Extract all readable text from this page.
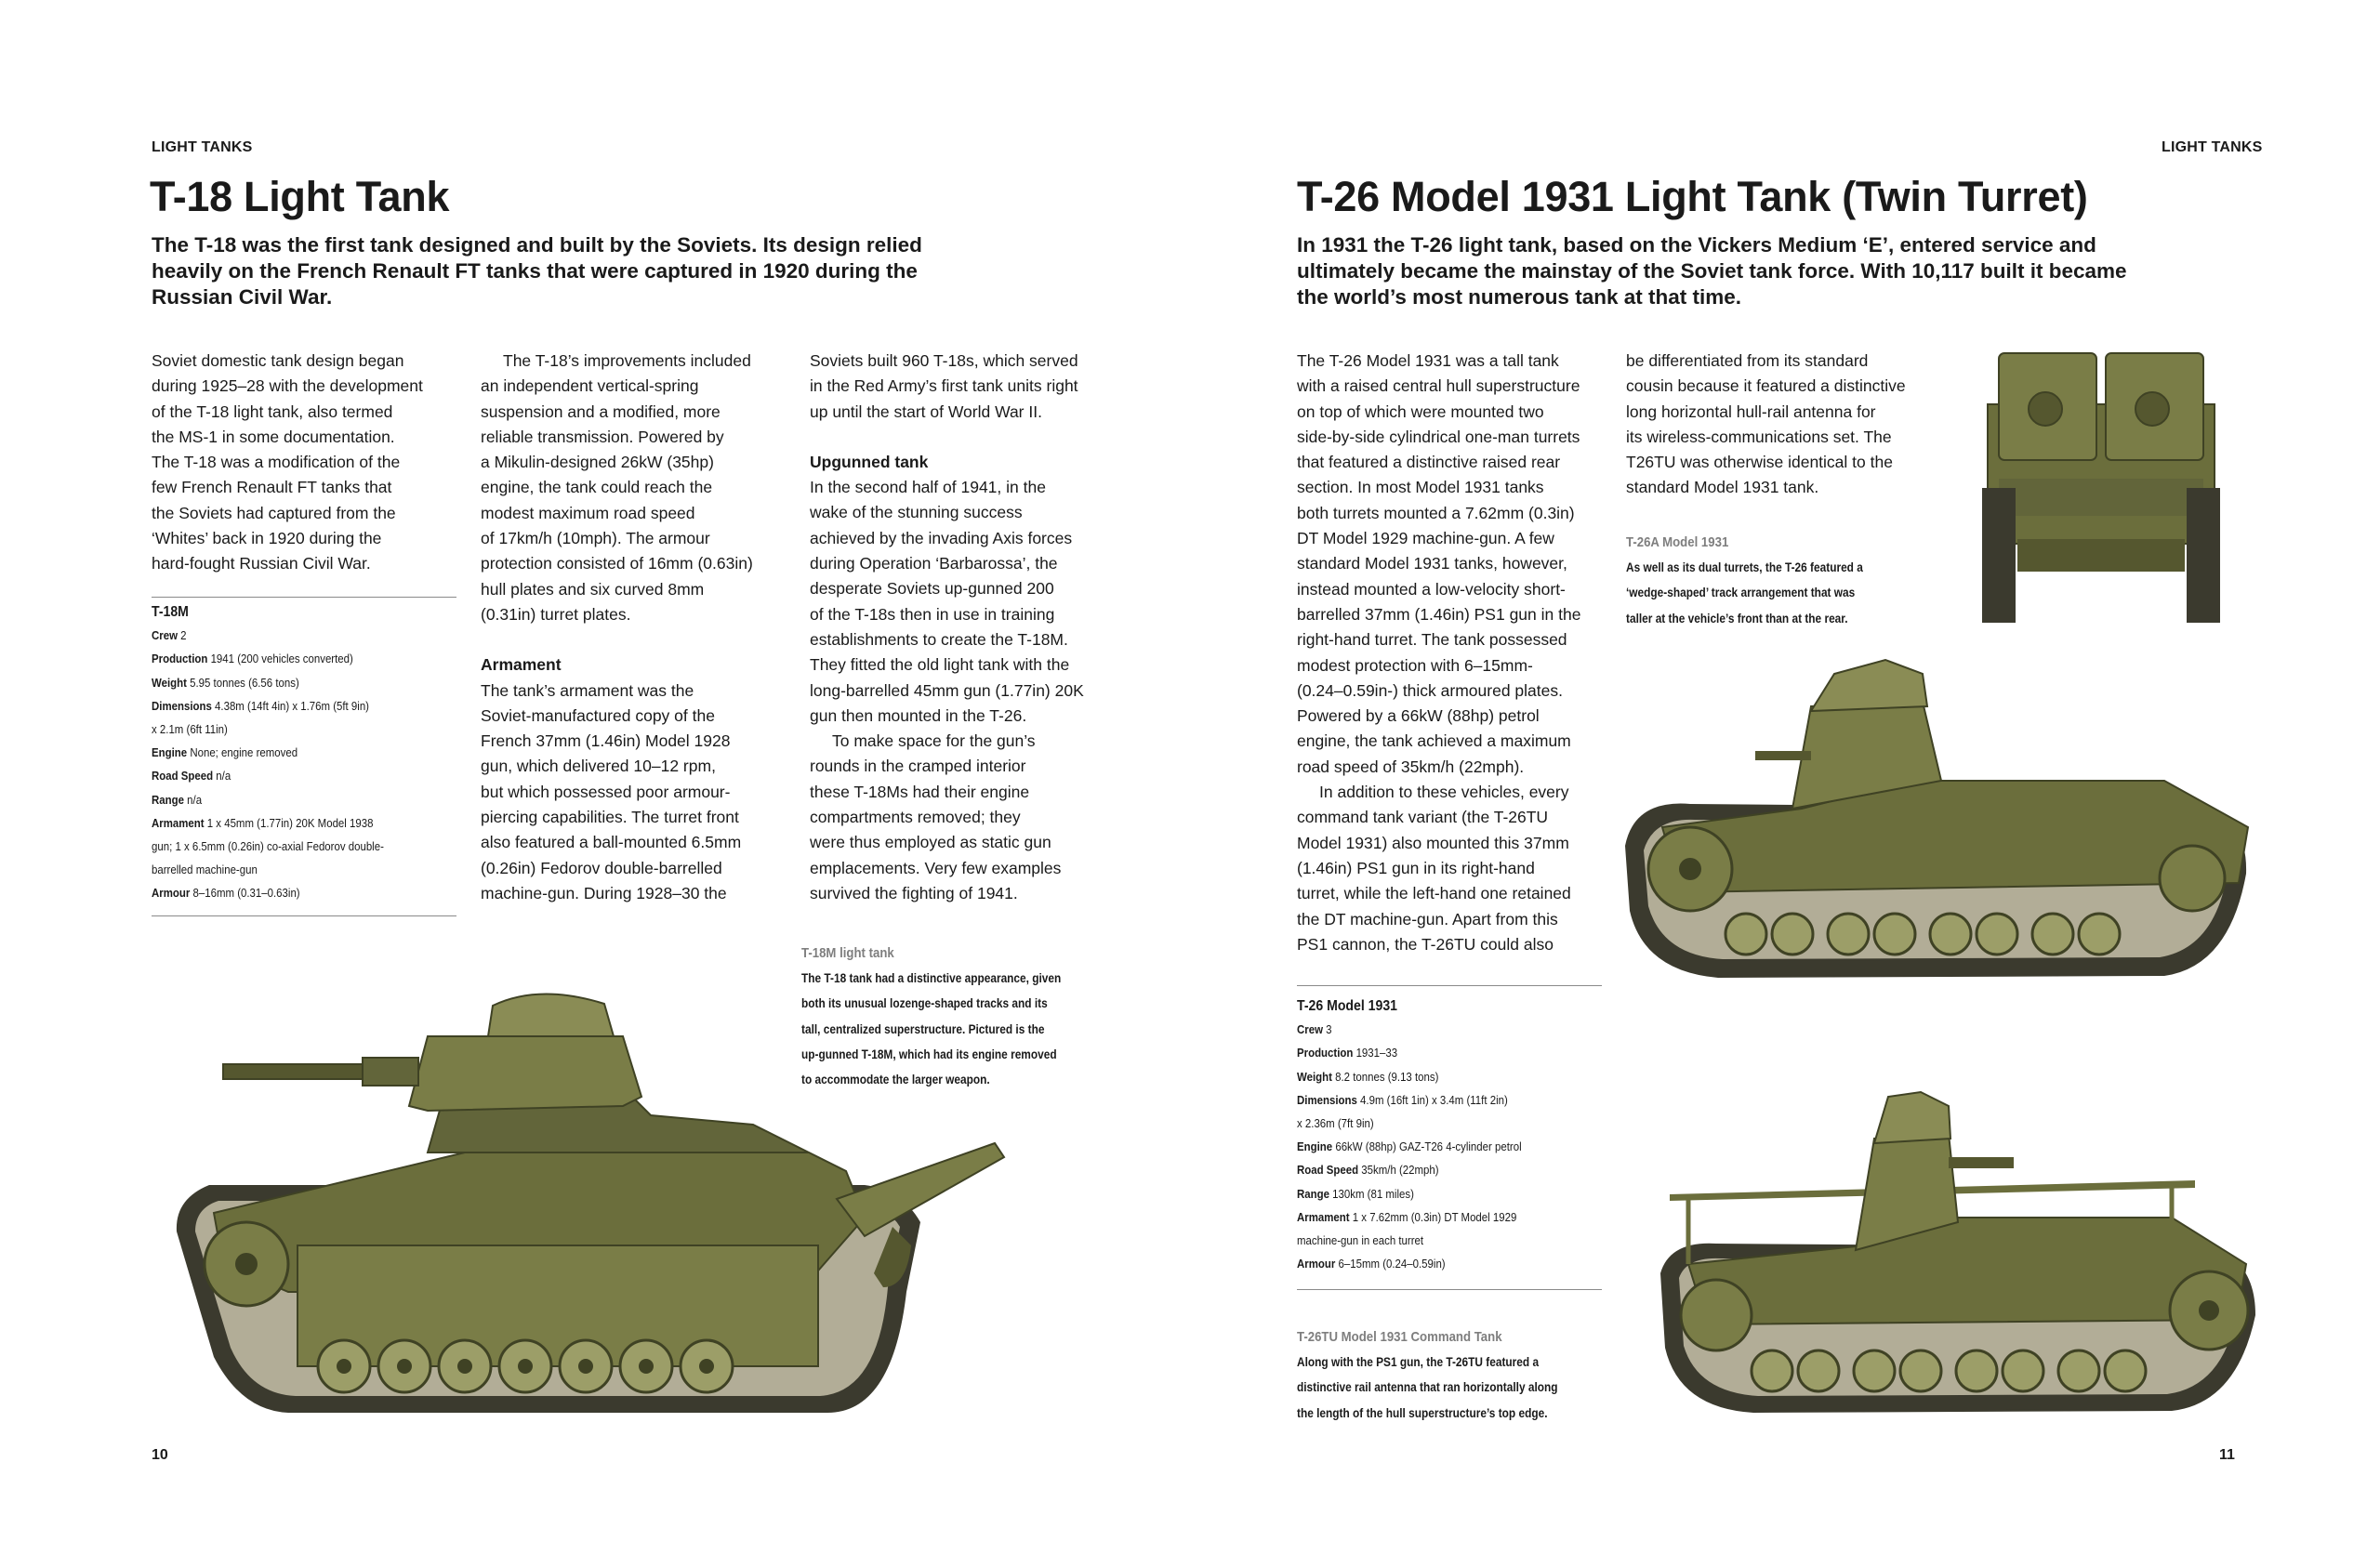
LIGHT TANKS
T-18 Light Tank
The T-18 was the first tank designed and built by the Soviets. Its design relied
heavily on the French Renault FT tanks that were captured in 1920 during the
Russian Civil War.
Soviet domestic tank design began
during 1925–28 with the development
of the T-18 light tank, also termed
the MS-1 in some documentation.
The T-18 was a modification of the
few French Renault FT tanks that
the Soviets had captured from the
‘Whites’ back in 1920 during the
hard-fought Russian Civil War.
T-18M
Crew 2
Production 1941 (200 vehicles converted)
Weight 5.95 tonnes (6.56 tons)
Dimensions 4.38m (14ft 4in) x 1.76m (5ft 9in)
x 2.1m (6ft 11in)
Engine None; engine removed
Road Speed n/a
Range n/a
Armament 1 x 45mm (1.77in) 20K Model 1938
gun; 1 x 6.5mm (0.26in) co-axial Fedorov double-
barrelled machine-gun
Armour 8–16mm (0.31–0.63in)
The T-18’s improvements included
an independent vertical-spring
suspension and a modified, more
reliable transmission. Powered by
a Mikulin-designed 26kW (35hp)
engine, the tank could reach the
modest maximum road speed
of 17km/h (10mph). The armour
protection consisted of 16mm (0.63in)
hull plates and six curved 8mm
(0.31in) turret plates.
Armament
The tank’s armament was the
Soviet-manufactured copy of the
French 37mm (1.46in) Model 1928
gun, which delivered 10–12 rpm,
but which possessed poor armour-
piercing capabilities. The turret front
also featured a ball-mounted 6.5mm
(0.26in) Fedorov double-barrelled
machine-gun. During 1928–30 the
Soviets built 960 T-18s, which served
in the Red Army’s first tank units right
up until the start of World War II.
Upgunned tank
In the second half of 1941, in the
wake of the stunning success
achieved by the invading Axis forces
during Operation ‘Barbarossa’, the
desperate Soviets up-gunned 200
of the T-18s then in use in training
establishments to create the T-18M.
They fitted the old light tank with the
long-barrelled 45mm gun (1.77in) 20K
gun then mounted in the T-26.
To make space for the gun’s
rounds in the cramped interior
these T-18Ms had their engine
compartments removed; they
were thus employed as static gun
emplacements. Very few examples
survived the fighting of 1941.
T-18M light tank
The T-18 tank had a distinctive appearance, given
both its unusual lozenge-shaped tracks and its
tall, centralized superstructure. Pictured is the
up-gunned T-18M, which had its engine removed
to accommodate the larger weapon.
10
LIGHT TANKS
T-26 Model 1931 Light Tank (Twin Turret)
In 1931 the T-26 light tank, based on the Vickers Medium ‘E’, entered service and
ultimately became the mainstay of the Soviet tank force. With 10,117 built it became
the world’s most numerous tank at that time.
The T-26 Model 1931 was a tall tank
with a raised central hull superstructure
on top of which were mounted two
side-by-side cylindrical one-man turrets
that featured a distinctive raised rear
section. In most Model 1931 tanks
both turrets mounted a 7.62mm (0.3in)
DT Model 1929 machine-gun. A few
standard Model 1931 tanks, however,
instead mounted a low-velocity short-
barrelled 37mm (1.46in) PS1 gun in the
right-hand turret. The tank possessed
modest protection with 6–15mm-
(0.24–0.59in-) thick armoured plates.
Powered by a 66kW (88hp) petrol
engine, the tank achieved a maximum
road speed of 35km/h (22mph).
In addition to these vehicles, every
command tank variant (the T-26TU
Model 1931) also mounted this 37mm
(1.46in) PS1 gun in its right-hand
turret, while the left-hand one retained
the DT machine-gun. Apart from this
PS1 cannon, the T-26TU could also
T-26 Model 1931
Crew 3
Production 1931–33
Weight 8.2 tonnes (9.13 tons)
Dimensions 4.9m (16ft 1in) x 3.4m (11ft 2in)
x 2.36m (7ft 9in)
Engine 66kW (88hp) GAZ-T26 4-cylinder petrol
Road Speed 35km/h (22mph)
Range 130km (81 miles)
Armament 1 x 7.62mm (0.3in) DT Model 1929
machine-gun in each turret
Armour 6–15mm (0.24–0.59in)
T-26TU Model 1931 Command Tank
Along with the PS1 gun, the T-26TU featured a
distinctive rail antenna that ran horizontally along
the length of the hull superstructure’s top edge.
be differentiated from its standard
cousin because it featured a distinctive
long horizontal hull-rail antenna for
its wireless-communications set. The
T26TU was otherwise identical to the
standard Model 1931 tank.
T-26A Model 1931
As well as its dual turrets, the T-26 featured a
‘wedge-shaped’ track arrangement that was
taller at the vehicle’s front than at the rear.
11
